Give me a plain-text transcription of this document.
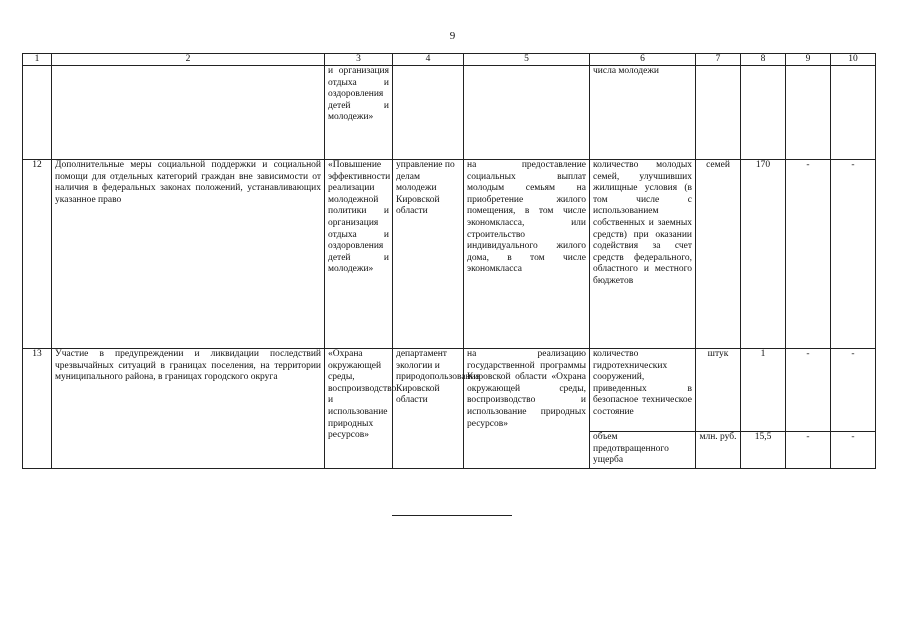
9
1	2	3	4	5	6	7	8	9	10
		и организация отдыха и оздоровления детей и молодежи»			числа молодежи				
12	Дополнительные меры социальной поддержки и социальной помощи для отдельных категорий граждан вне зависимости от наличия в федеральных законах положений, устанавливающих указанное право	«Повышение эффективности реализации молодежной политики и организация отдыха и оздоровления детей и молодежи»	управление по делам молодежи Кировской области	на предоставление социальных выплат молодым семьям на приобретение жилого помещения, в том числе экономкласса, или строительство индивидуального жилого дома, в том числе экономкласса	количество молодых семей, улучшивших жилищные условия (в том числе с использованием собственных и заемных средств) при оказании содействия за счет средств федерального, областного и местного бюджетов	семей	170	-	-
13	Участие в предупреждении и ликвидации последствий чрезвычайных ситуаций в границах поселения, на территории муниципального района, в границах городского округа	«Охрана окружающей среды, воспроизводство и использование природных ресурсов»	департамент экологии и природопользования Кировской области	на реализацию государственной программы Кировской области «Охрана окружающей среды, воспроизводство и использование природных ресурсов»	количество гидротехнических сооружений, приведенных в безопасное техническое состояние	штук	1	-	-
					объем предотвращенного ущерба	млн. руб.	15,5	-	-
